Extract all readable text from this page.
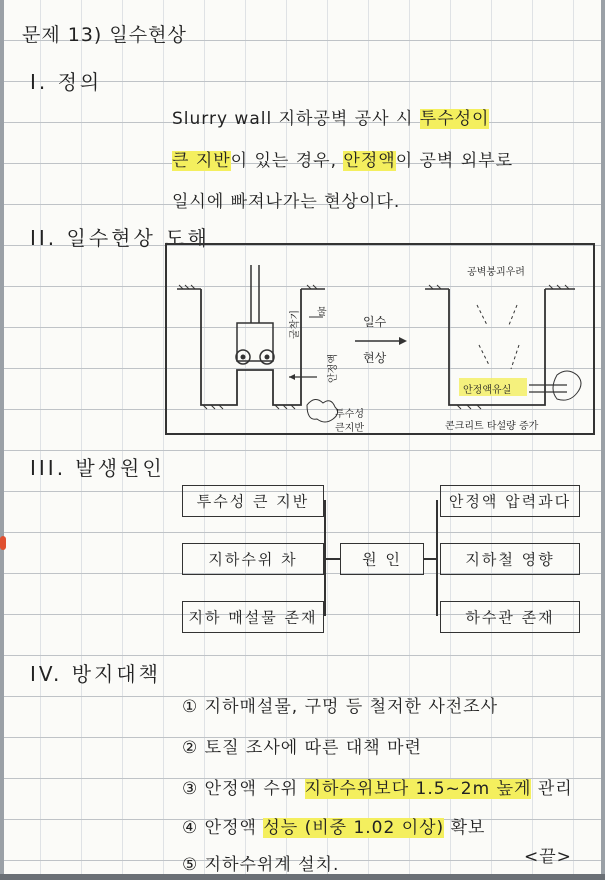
문제 13) 일수현상
I. 정의
Slurry wall 지하공벽 공사 시 투수성이
큰 지반이 있는 경우, 안정액이 공벽 외부로
일시에 빠져나가는 현상이다.
II. 일수현상 도해
굴착기 물
안정액
일수
현상
투수성
큰지반
공벽붕괴우려
안정액유실
콘크리트 타설량 증가
III. 발생원인
투수성 큰 지반
지하수위 차
지하 매설물 존재
원 인
안정액 압력과다
지하철 영향
하수관 존재
IV. 방지대책
① 지하매설물, 구멍 등 철저한 사전조사
② 토질 조사에 따른 대책 마련
③ 안정액 수위 지하수위보다 1.5~2m 높게 관리
④ 안정액 성능 (비중 1.02 이상) 확보
⑤ 지하수위계 설치.	<끝>
